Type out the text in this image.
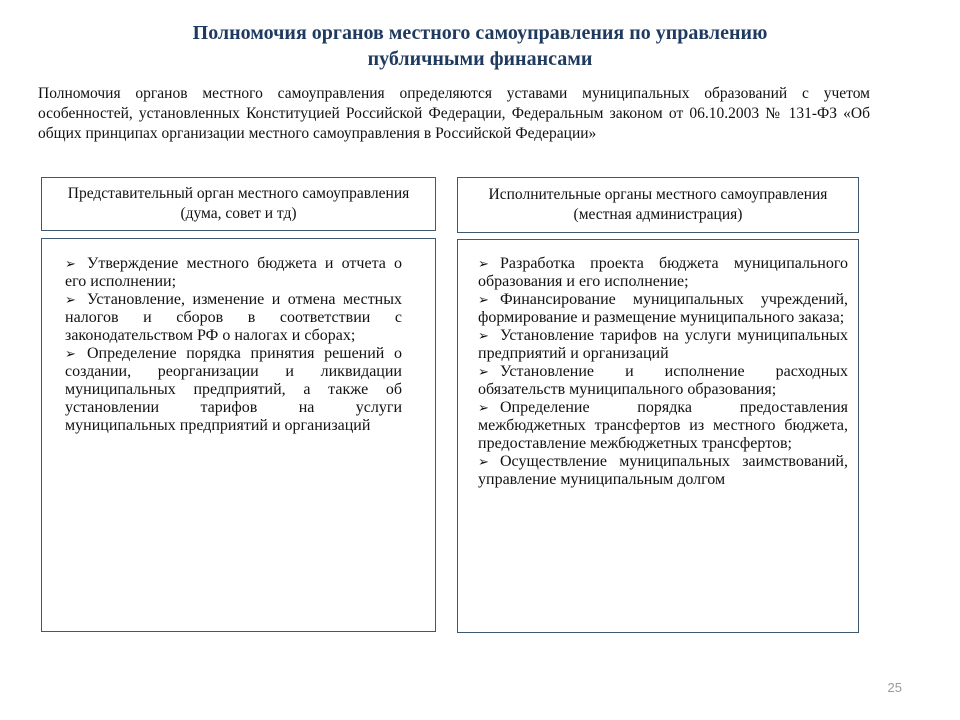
Полномочия органов местного самоуправления по управлению
публичными финансами
Полномочия органов местного самоуправления определяются уставами муниципальных образований с учетом особенностей, установленных Конституцией Российской Федерации, Федеральным законом от 06.10.2003 № 131-ФЗ «Об общих принципах организации местного самоуправления в Российской Федерации»
Представительный орган местного самоуправления (дума, совет и тд)
Исполнительные органы местного самоуправления (местная администрация)
➢ Утверждение местного бюджета и отчета о его исполнении;
➢ Установление, изменение и отмена местных налогов и сборов в соответствии с законодательством РФ о налогах и сборах;
➢ Определение порядка принятия решений о создании, реорганизации и ликвидации муниципальных предприятий, а также об установлении тарифов на услуги муниципальных предприятий и организаций
➢ Разработка проекта бюджета муниципального образования и его исполнение;
➢ Финансирование муниципальных учреждений, формирование и размещение муниципального заказа;
➢ Установление тарифов на услуги муниципальных предприятий и организаций
➢ Установление и исполнение расходных обязательств муниципального образования;
➢ Определение порядка предоставления межбюджетных трансфертов из местного бюджета, предоставление межбюджетных трансфертов;
➢ Осуществление муниципальных заимствований, управление муниципальным долгом
25
